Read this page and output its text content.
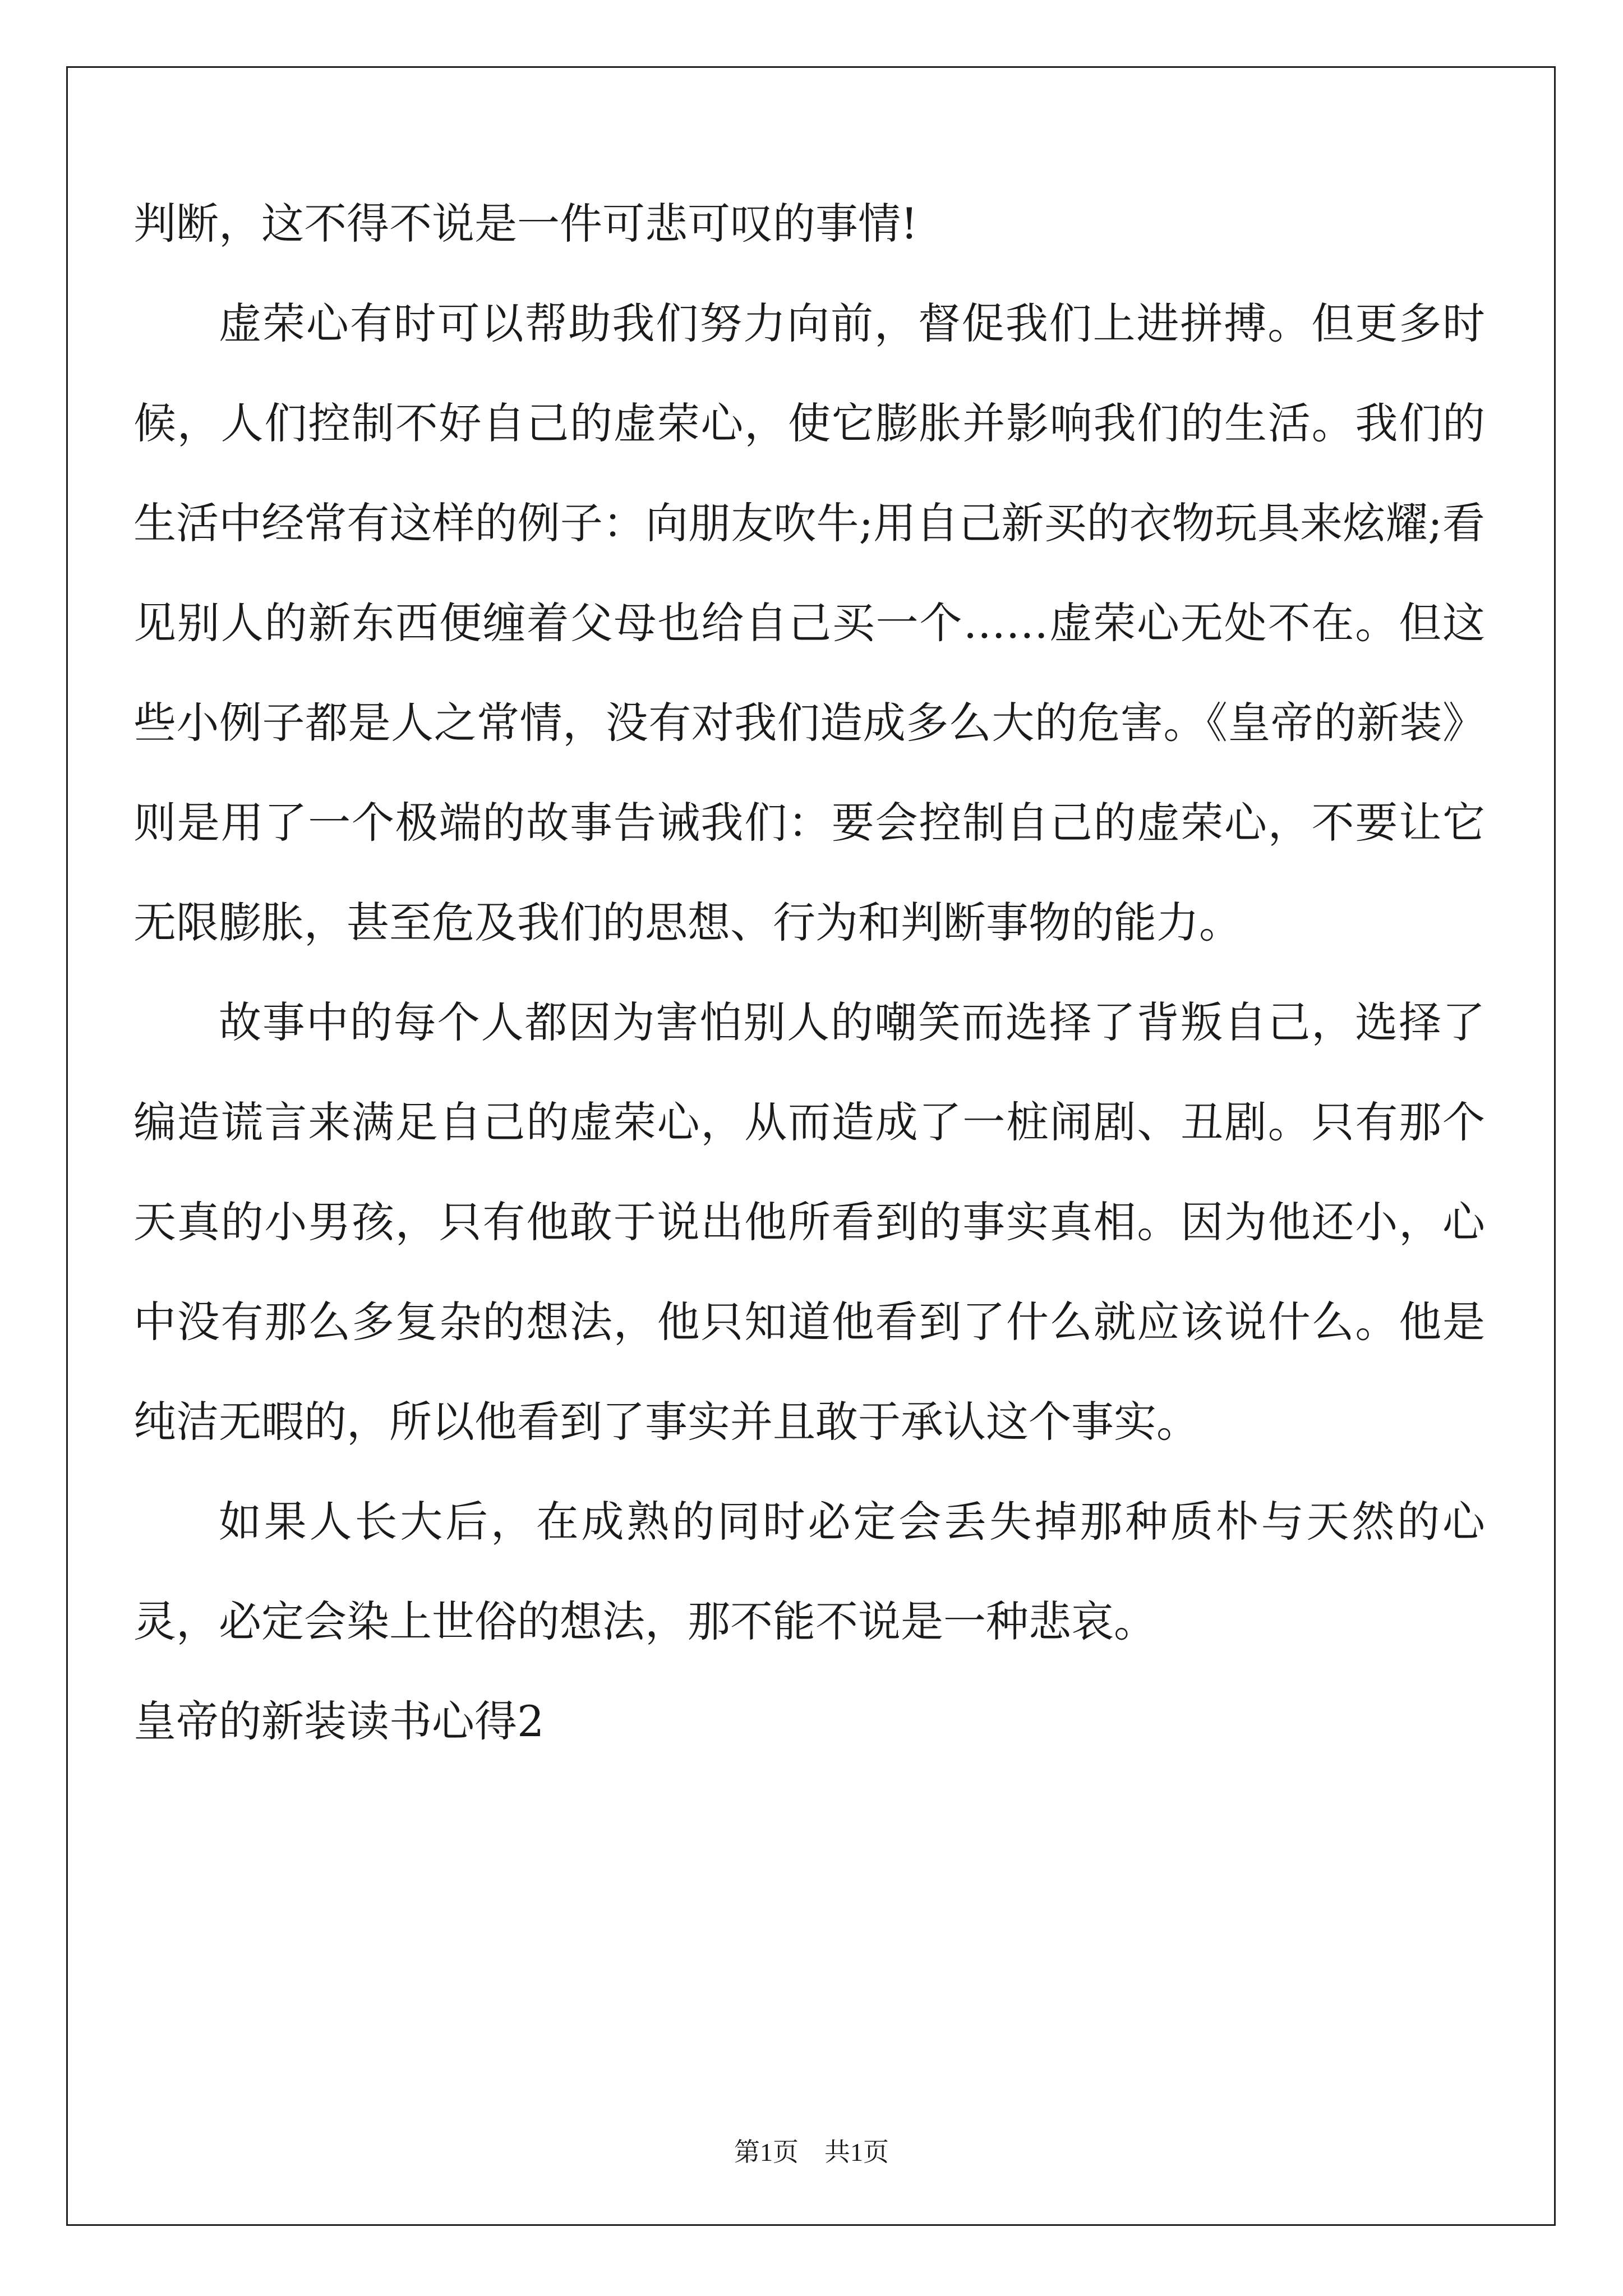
判断，这不得不说是一件可悲可叹的事情!

虚荣心有时可以帮助我们努力向前，督促我们上进拼搏。但更多时候，人们控制不好自己的虚荣心，使它膨胀并影响我们的生活。我们的生活中经常有这样的例子：向朋友吹牛;用自己新买的衣物玩具来炫耀;看见别人的新东西便缠着父母也给自己买一个……虚荣心无处不在。但这些小例子都是人之常情，没有对我们造成多么大的危害。《皇帝的新装》则是用了一个极端的故事告诫我们：要会控制自己的虚荣心，不要让它无限膨胀，甚至危及我们的思想、行为和判断事物的能力。

故事中的每个人都因为害怕别人的嘲笑而选择了背叛自己，选择了编造谎言来满足自己的虚荣心，从而造成了一桩闹剧、丑剧。只有那个天真的小男孩，只有他敢于说出他所看到的事实真相。因为他还小，心中没有那么多复杂的想法，他只知道他看到了什么就应该说什么。他是纯洁无暇的，所以他看到了事实并且敢于承认这个事实。

如果人长大后，在成熟的同时必定会丢失掉那种质朴与天然的心灵，必定会染上世俗的想法，那不能不说是一种悲哀。

皇帝的新装读书心得2

第1页    共1页
